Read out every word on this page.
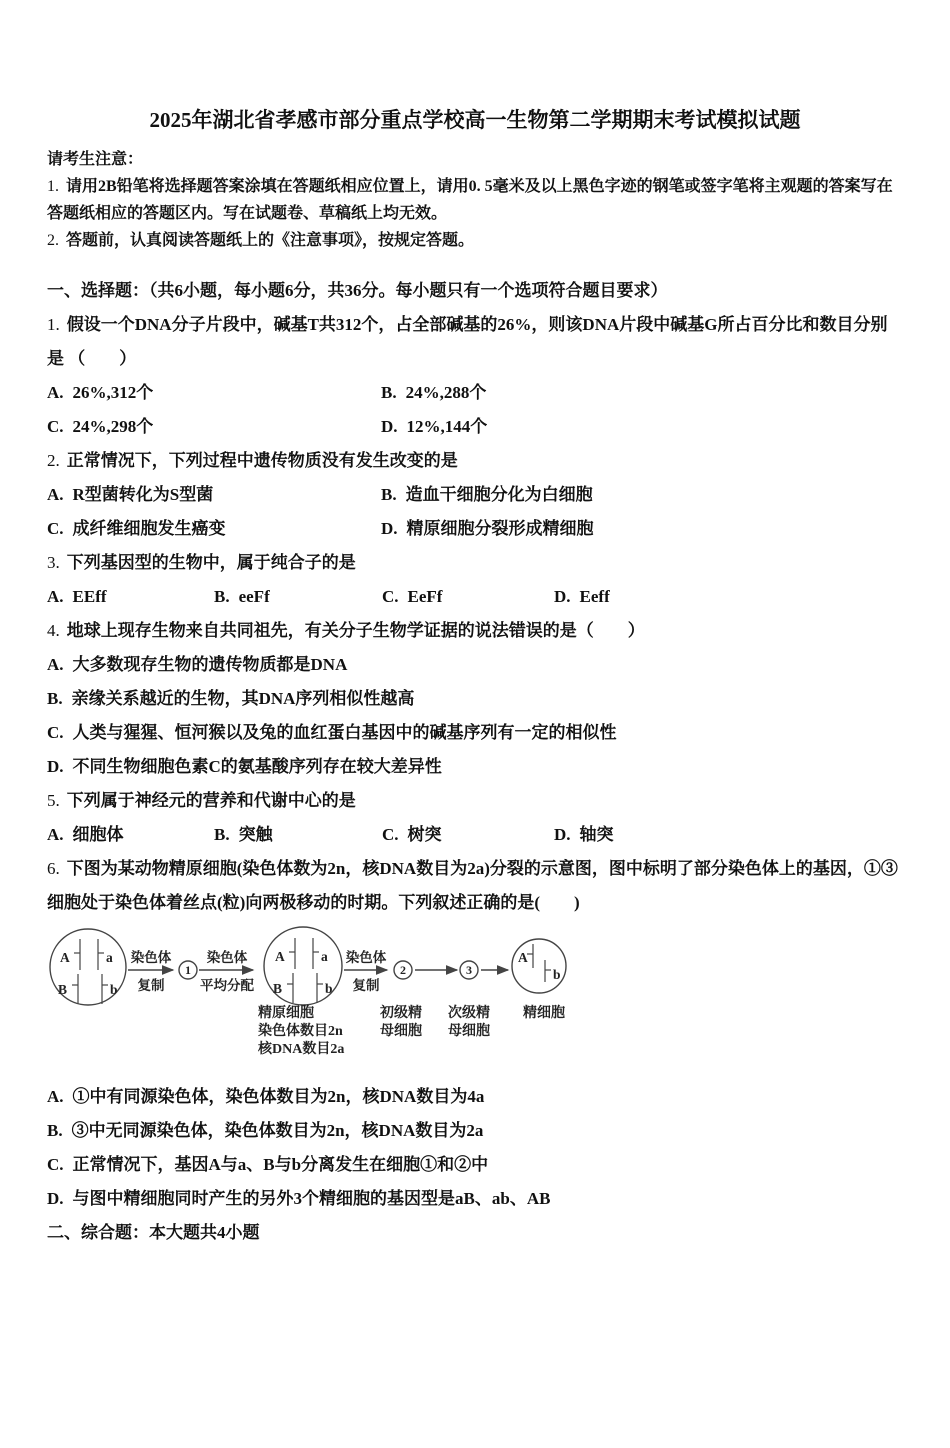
2025年湖北省孝感市部分重点学校高一生物第二学期期末考试模拟试题
请考生注意：
1. 请用2B铅笔将选择题答案涂填在答题纸相应位置上，请用0. 5毫米及以上黑色字迹的钢笔或签字笔将主观题的答案写在答题纸相应的答题区内。写在试题卷、草稿纸上均无效。
2. 答题前，认真阅读答题纸上的《注意事项》，按规定答题。
一、选择题：（共6小题，每小题6分，共36分。每小题只有一个选项符合题目要求）
1. 假设一个DNA分子片段中，碱基T共312个，占全部碱基的26%，则该DNA片段中碱基G所占百分比和数目分别是 （　　）
A. 26%,312个	B. 24%,288个
C. 24%,298个	D. 12%,144个
2. 正常情况下，下列过程中遗传物质没有发生改变的是
A. R型菌转化为S型菌	B. 造血干细胞分化为白细胞
C. 成纤维细胞发生癌变	D. 精原细胞分裂形成精细胞
3. 下列基因型的生物中，属于纯合子的是
A. EEff	B. eeFf	C. EeFf	D. Eeff
4. 地球上现存生物来自共同祖先，有关分子生物学证据的说法错误的是（　　）
A. 大多数现存生物的遗传物质都是DNA
B. 亲缘关系越近的生物，其DNA序列相似性越高
C. 人类与猩猩、恒河猴以及兔的血红蛋白基因中的碱基序列有一定的相似性
D. 不同生物细胞色素C的氨基酸序列存在较大差异性
5. 下列属于神经元的营养和代谢中心的是
A. 细胞体	B. 突触	C. 树突	D. 轴突
6. 下图为某动物精原细胞(染色体数为2n，核DNA数目为2a)分裂的示意图，图中标明了部分染色体上的基因，①③细胞处于染色体着丝点(粒)向两极移动的时期。下列叙述正确的是(　　)
A	a
B	b
染色体
复制
1
染色体
平均分配
A	a
B	b
染色体
复制
2	3
A
b
精原细胞
染色体数目2n
核DNA数目2a
初级精
母细胞
次级精
母细胞
精细胞
A. ①中有同源染色体，染色体数目为2n，核DNA数目为4a
B. ③中无同源染色体，染色体数目为2n，核DNA数目为2a
C. 正常情况下，基因A与a、B与b分离发生在细胞①和②中
D. 与图中精细胞同时产生的另外3个精细胞的基因型是aB、ab、AB
二、综合题：本大题共4小题
